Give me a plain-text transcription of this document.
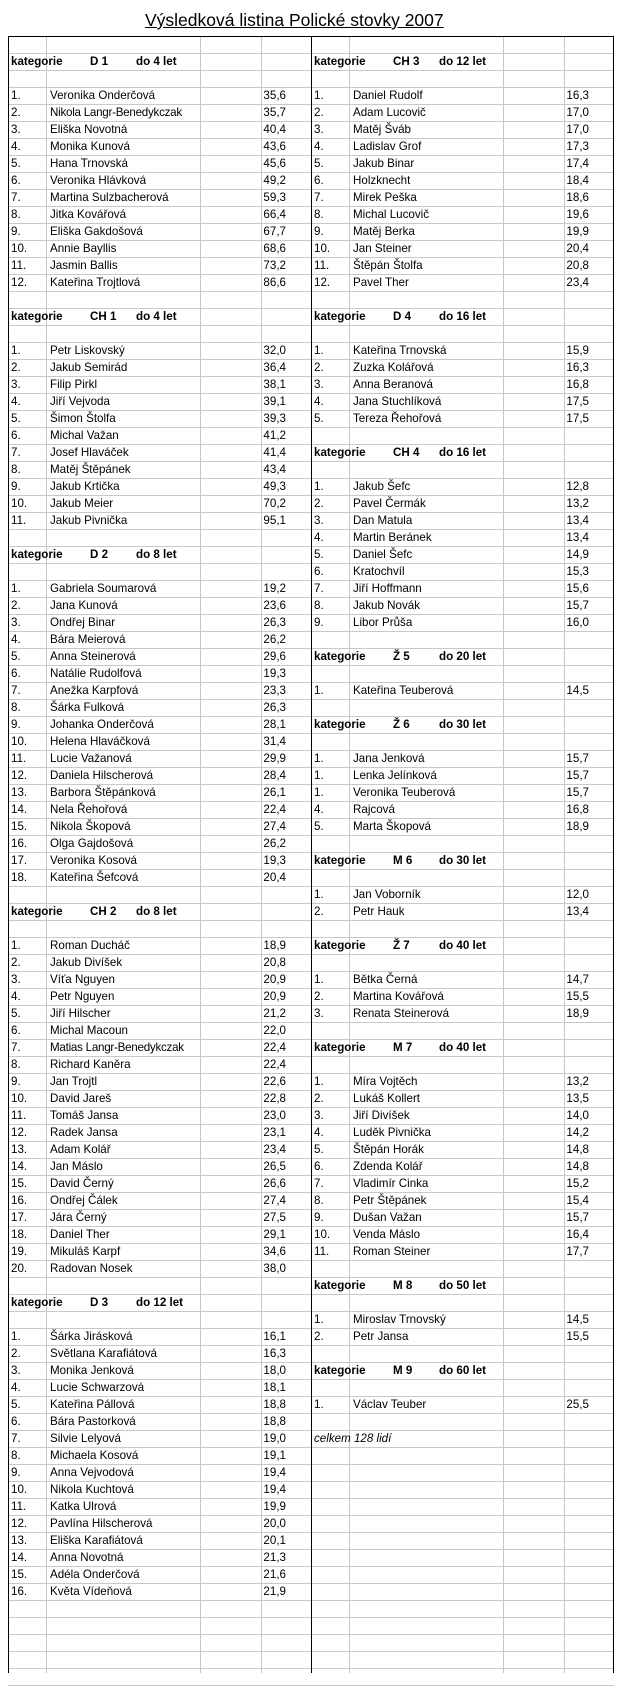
Výsledková listina Polické stovky 2007
kategorie D 1 do 4 let
1.	Veronika Onderčová	35,6
2.	Nikola Langr-Benedykczak	35,7
3.	Eliška Novotná	40,4
4.	Monika Kunová	43,6
5.	Hana Trnovská	45,6
6.	Veronika Hlávková	49,2
7.	Martina Sulzbacherová	59,3
8.	Jitka Kovářová	66,4
9.	Eliška Gakdošová	67,7
10. Annie Bayllis	68,6
11. Jasmin Ballis	73,2
12. Kateřina Trojtlová	86,6
kategorie CH 1 do 4 let
1.	Petr Liskovský	32,0
2.	Jakub Semirád	36,4
3.	Filip Pirkl	38,1
4.	Jiří Vejvoda	39,1
5.	Šimon Štolfa	39,3
6.	Michal Važan	41,2
7.	Josef Hlaváček	41,4
8.	Matěj Štěpánek	43,4
9.	Jakub Krtička	49,3
10. Jakub Meier	70,2
11. Jakub Pivnička	95,1
kategorie D 2 do 8 let
1.	Gabriela Soumarová	19,2
2.	Jana Kunová	23,6
3.	Ondřej Binar	26,3
4.	Bára Meierová	26,2
5.	Anna Steinerová	29,6
6.	Natálie Rudolfová	19,3
7.	Anežka Karpfová	23,3
8.	Šárka Fulková	26,3
9.	Johanka Onderčová	28,1
10. Helena Hlaváčková	31,4
11. Lucie Važanová	29,9
12. Daniela Hilscherová	28,4
13. Barbora Štěpánková	26,1
14. Nela Řehořová	22,4
15. Nikola Škopová	27,4
16. Olga Gajdošová	26,2
17. Veronika Kosová	19,3
18. Kateřina Šefcová	20,4
kategorie CH 2 do 8 let
1.	Roman Ducháč	18,9
2.	Jakub Divíšek	20,8
3.	Víťa Nguyen	20,9
4.	Petr Nguyen	20,9
5.	Jiří Hilscher	21,2
6.	Michal Macoun	22,0
7.	Matias Langr-Benedykczak	22,4
8.	Richard Kaněra	22,4
9.	Jan Trojtl	22,6
10. David Jareš	22,8
11. Tomáš Jansa	23,0
12. Radek Jansa	23,1
13. Adam Kolář	23,4
14. Jan Máslo	26,5
15. David Černý	26,6
16. Ondřej Čálek	27,4
17. Jára Černý	27,5
18. Daniel Ther	29,1
19. Mikuláš Karpf	34,6
20. Radovan Nosek	38,0
kategorie D 3 do 12 let
1.	Šárka Jirásková	16,1
2.	Světlana Karafiátová	16,3
3.	Monika Jenková	18,0
4.	Lucie Schwarzová	18,1
5.	Kateřina Pállová	18,8
6.	Bára Pastorková	18,8
7.	Silvie Lelyová	19,0
8.	Michaela Kosová	19,1
9.	Anna Vejvodová	19,4
10. Nikola Kuchtová	19,4
11. Katka Ulrová	19,9
12. Pavlína Hilscherová	20,0
13. Eliška Karafiátová	20,1
14. Anna Novotná	21,3
15. Adéla Onderčová	21,6
16. Květa Vídeňová	21,9
kategorie CH 3 do 12 let
1.	Daniel Rudolf	16,3
2.	Adam Lucovič	17,0
3.	Matěj Šváb	17,0
4.	Ladislav Grof	17,3
5.	Jakub Binar	17,4
6.	Holzknecht	18,4
7.	Mirek Peška	18,6
8.	Michal Lucovič	19,6
9.	Matěj Berka	19,9
10. Jan Steiner	20,4
11. Štěpán Štolfa	20,8
12. Pavel Ther	23,4
kategorie D 4 do 16 let
1.	Kateřina Trnovská	15,9
2.	Zuzka Kolářová	16,3
3.	Anna Beranová	16,8
4.	Jana Stuchlíková	17,5
5.	Tereza Řehořová	17,5
kategorie CH 4 do 16 let
1.	Jakub Šefc	12,8
2.	Pavel Čermák	13,2
3.	Dan Matula	13,4
4.	Martin Beránek	13,4
5.	Daniel Šefc	14,9
6.	Kratochvíl	15,3
7.	Jiří Hoffmann	15,6
8.	Jakub Novák	15,7
9.	Libor Průša	16,0
kategorie Ž 5	do 20 let
1.	Kateřina Teuberová	14,5
kategorie Ž 6	do 30 let
1.	Jana Jenková	15,7
1.	Lenka Jelínková	15,7
1.	Veronika Teuberová	15,7
4.	Rajcová	16,8
5.	Marta Škopová	18,9
kategorie M 6 do 30 let
1.	Jan Voborník	12,0
2.	Petr Hauk	13,4
kategorie Ž 7	do 40 let
1.	Bětka Černá	14,7
2.	Martina Kovářová	15,5
3.	Renata Steinerová	18,9
kategorie M 7 do 40 let
1.	Míra Vojtěch	13,2
2.	Lukáš Kollert	13,5
3.	Jiří Divíšek	14,0
4.	Luděk Pivnička	14,2
5.	Štěpán Horák	14,8
6.	Zdenda Kolář	14,8
7.	Vladimír Cinka	15,2
8.	Petr Štěpánek	15,4
9.	Dušan Važan	15,7
10. Venda Máslo	16,4
11. Roman Steiner	17,7
kategorie M 8 do 50 let
1.	Miroslav Trnovský	14,5
2.	Petr Jansa	15,5
kategorie M 9 do 60 let
1.	Václav Teuber	25,5
celkem 128 lidí
